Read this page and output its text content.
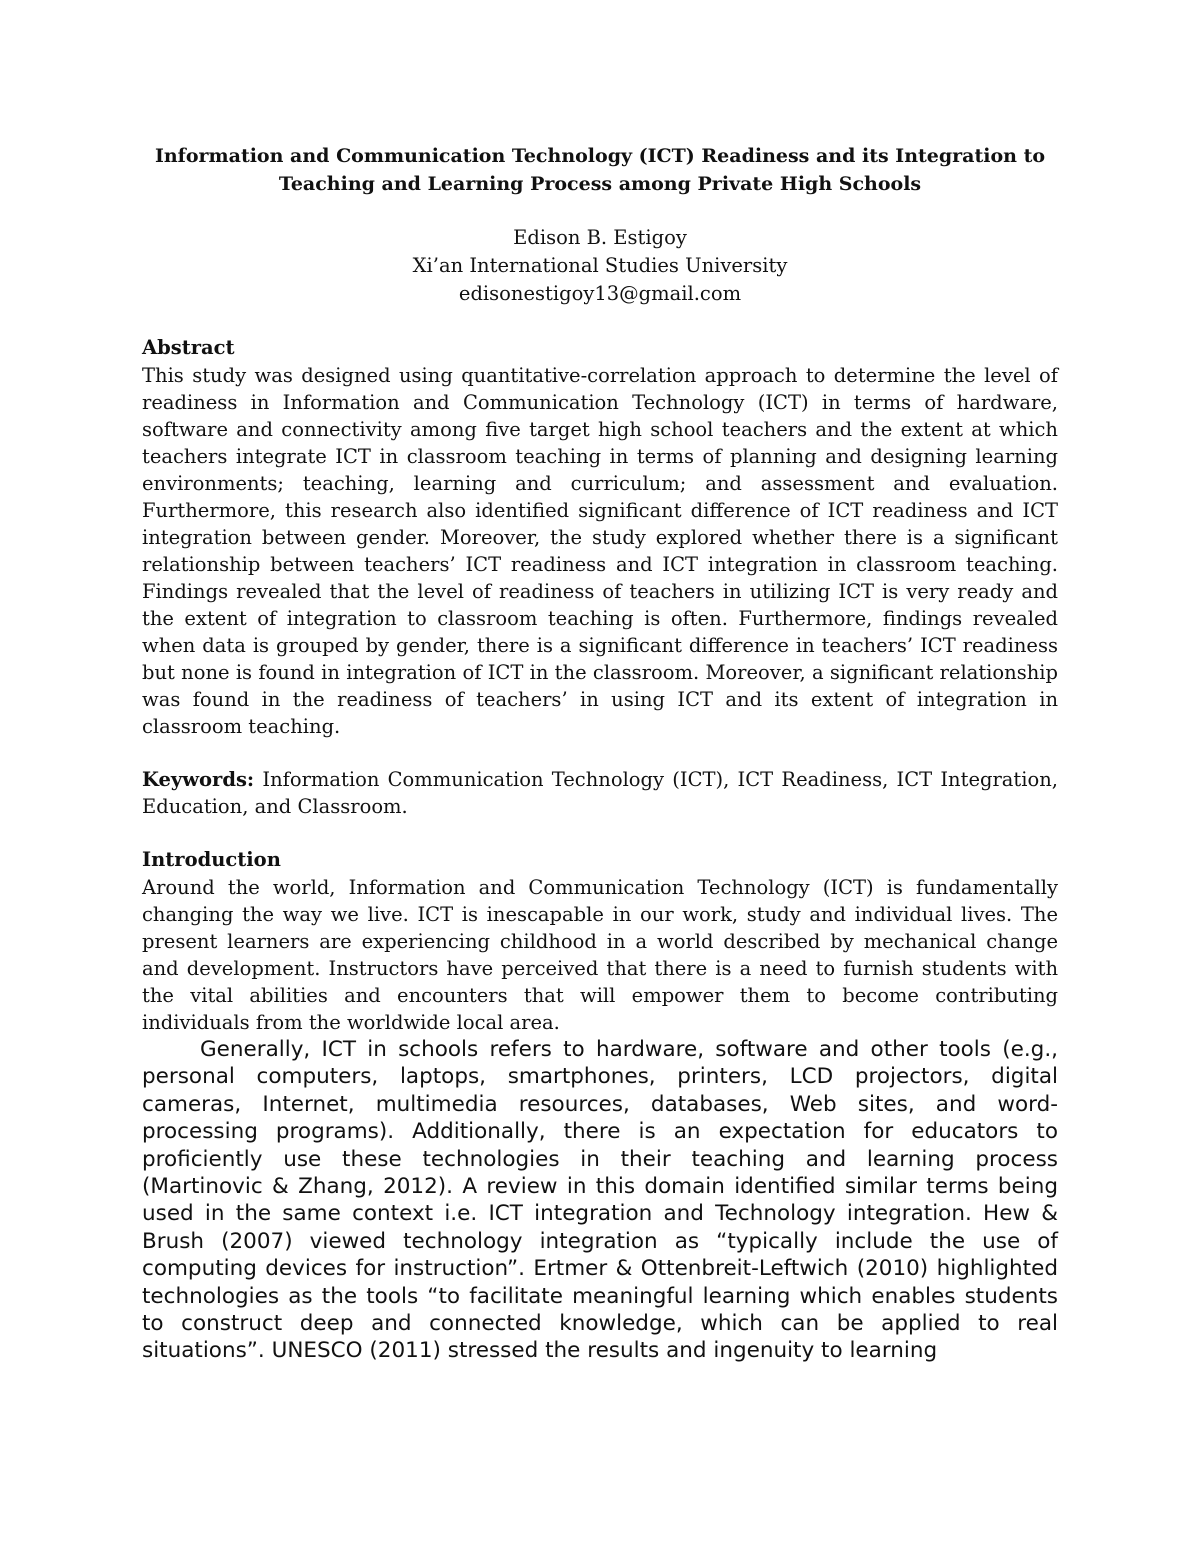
Information and Communication Technology (ICT) Readiness and its Integration to
Teaching and Learning Process among Private High Schools
Edison B. Estigoy
Xi’an International Studies University
edisonestigoy13@gmail.com
Abstract

This study was designed using quantitative-correlation approach to determine the level of readiness in Information and Communication Technology (ICT) in terms of hardware, software and connectivity among five target high school teachers and the extent at which teachers integrate ICT in classroom teaching in terms of planning and designing learning environments; teaching, learning and curriculum; and assessment and evaluation. Furthermore, this research also identified significant difference of ICT readiness and ICT integration between gender. Moreover, the study explored whether there is a significant relationship between teachers’ ICT readiness and ICT integration in classroom teaching. Findings revealed that the level of readiness of teachers in utilizing ICT is very ready and the extent of integration to classroom teaching is often. Furthermore, findings revealed when data is grouped by gender, there is a significant difference in teachers’ ICT readiness but none is found in integration of ICT in the classroom. Moreover, a significant relationship was found in the readiness of teachers’ in using ICT and its extent of integration in classroom teaching.

Keywords: Information Communication Technology (ICT), ICT Readiness, ICT Integration, Education, and Classroom.

Introduction

Around the world, Information and Communication Technology (ICT) is fundamentally changing the way we live. ICT is inescapable in our work, study and individual lives. The present learners are experiencing childhood in a world described by mechanical change and development. Instructors have perceived that there is a need to furnish students with the vital abilities and encounters that will empower them to become contributing individuals from the worldwide local area.

Generally, ICT in schools refers to hardware, software and other tools (e.g., personal computers, laptops, smartphones, printers, LCD projectors, digital cameras, Internet, multimedia resources, databases, Web sites, and word-processing programs). Additionally, there is an expectation for educators to proficiently use these technologies in their teaching and learning process (Martinovic & Zhang, 2012). A review in this domain identified similar terms being used in the same context i.e. ICT integration and Technology integration. Hew & Brush (2007) viewed technology integration as “typically include the use of computing devices for instruction”. Ertmer & Ottenbreit-Leftwich (2010) highlighted technologies as the tools “to facilitate meaningful learning which enables students to construct deep and connected knowledge, which can be applied to real situations”. UNESCO (2011) stressed the results and ingenuity to learning
